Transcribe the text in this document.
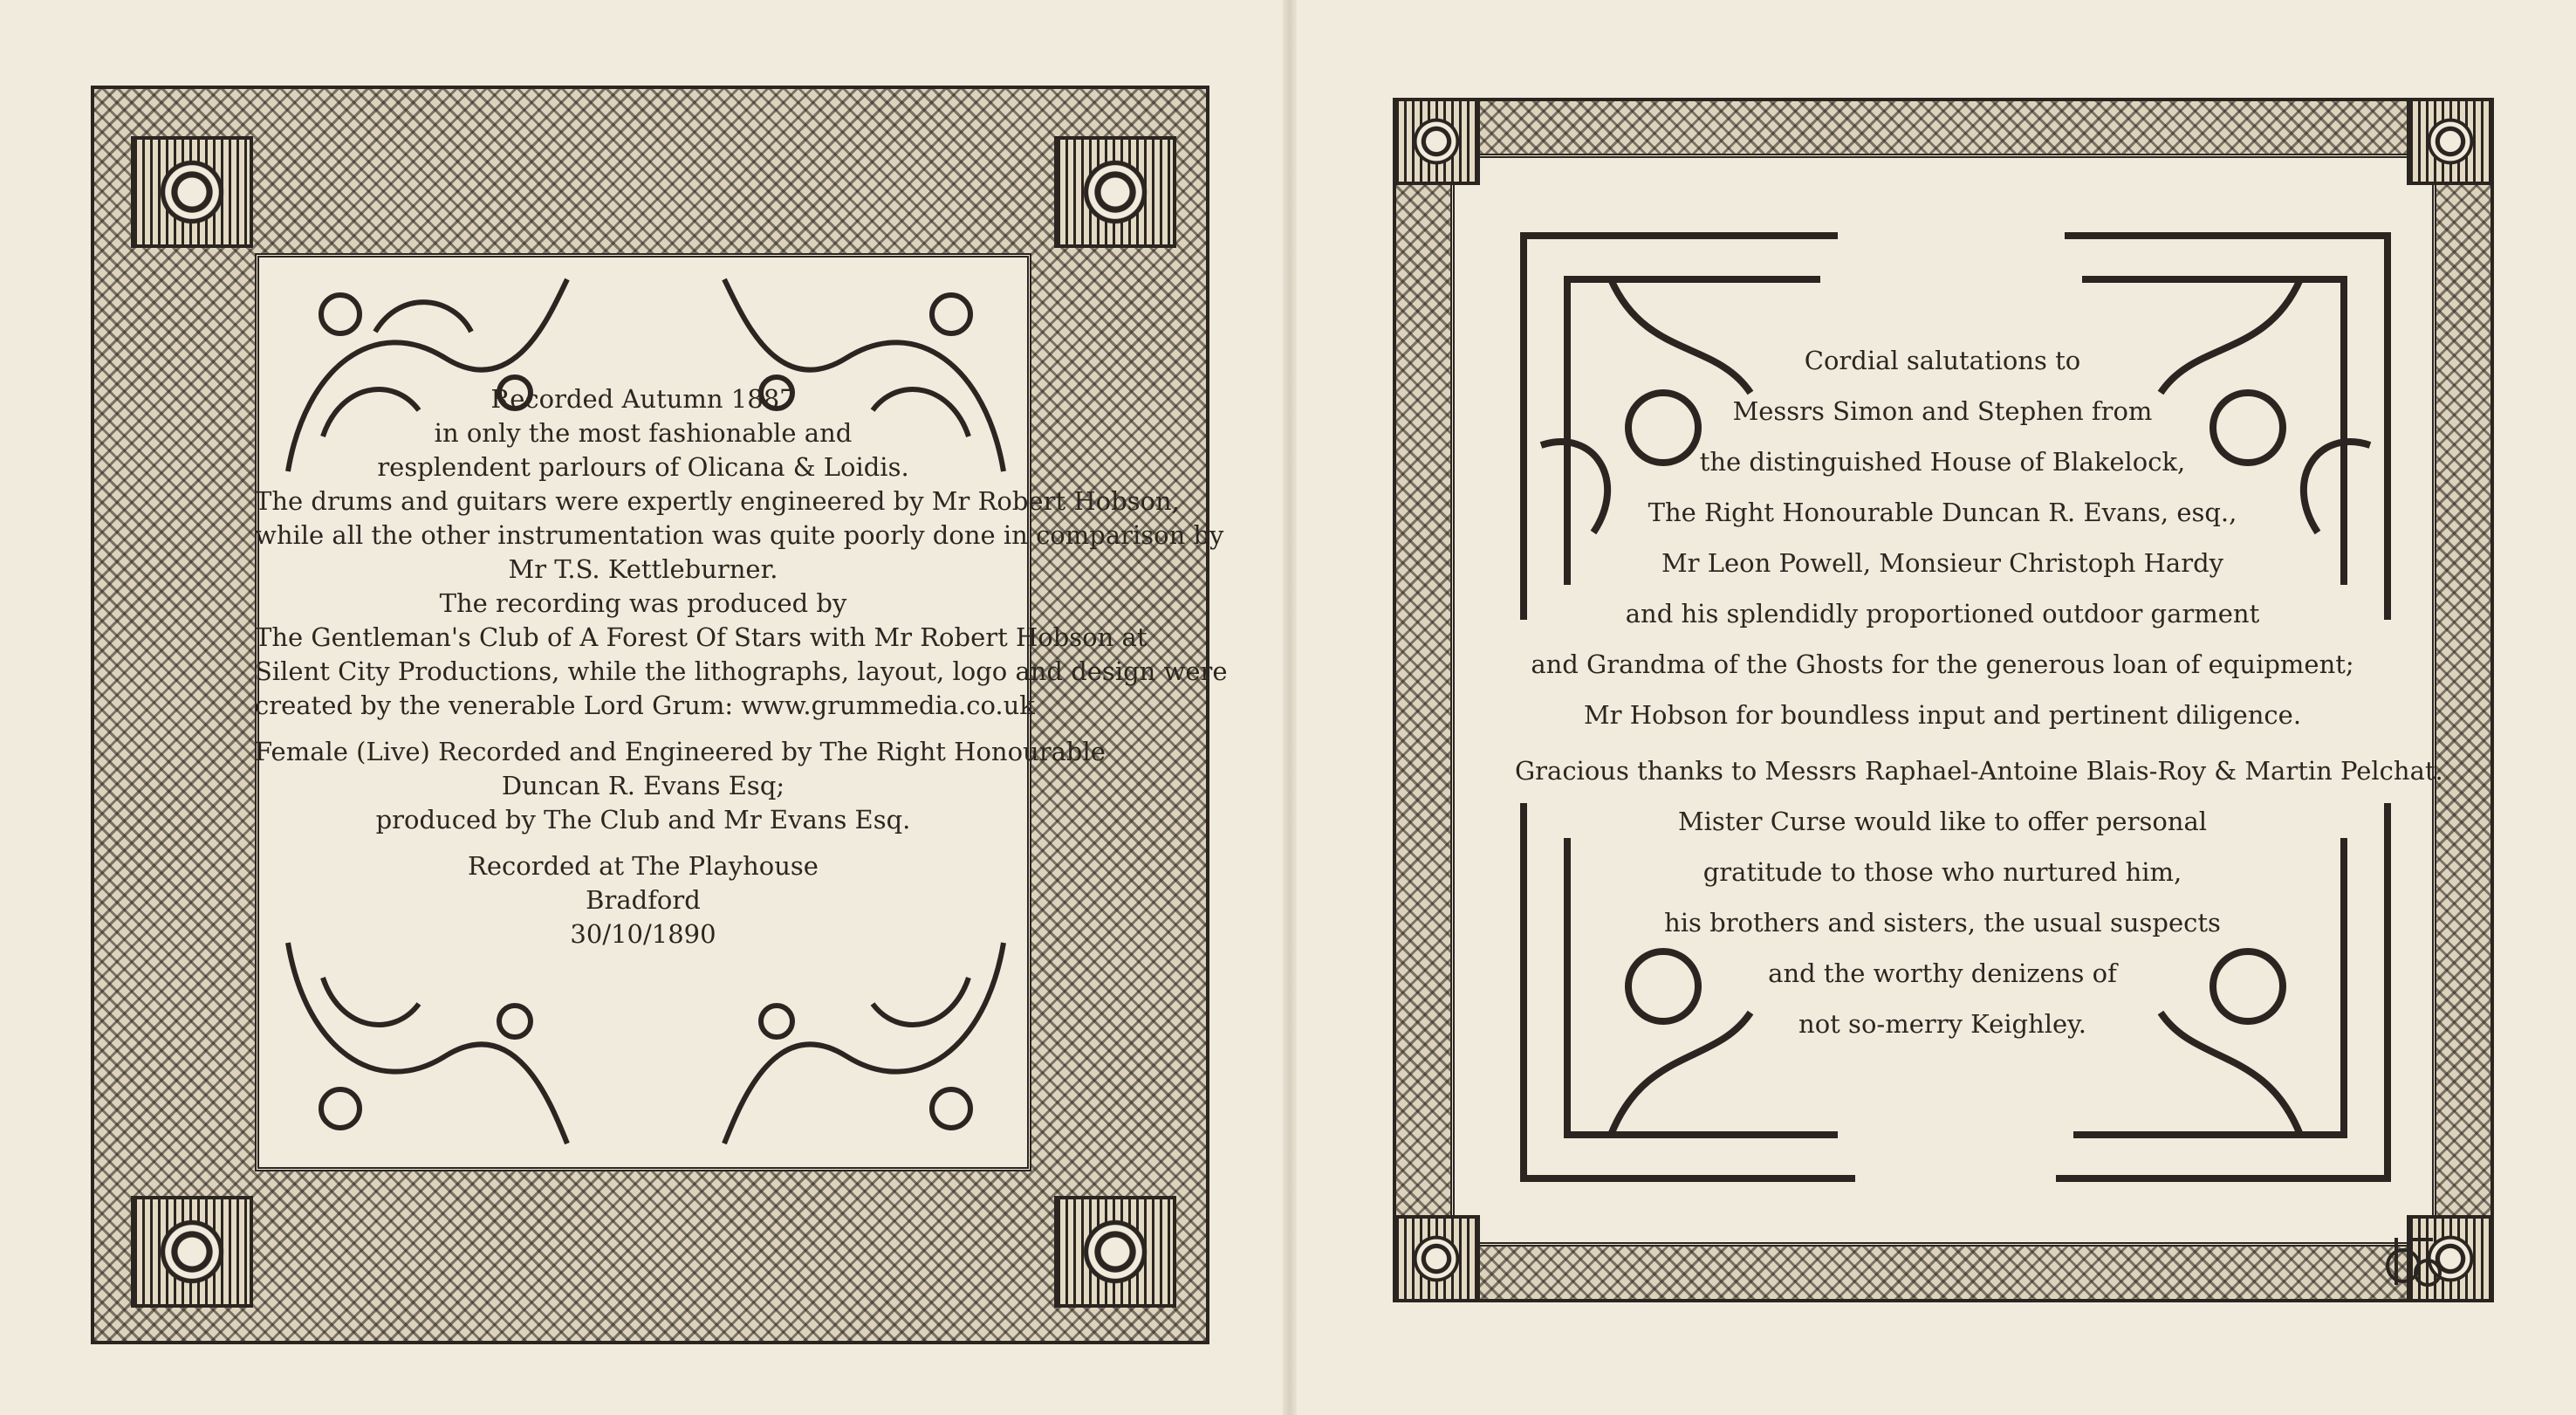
Recorded Autumn 1887
in only the most fashionable and
resplendent parlours of Olicana & Loidis.
The drums and guitars were expertly engineered by Mr Robert Hobson,
while all the other instrumentation was quite poorly done in comparison by
Mr T.S. Kettleburner.
The recording was produced by
The Gentleman's Club of A Forest Of Stars with Mr Robert Hobson at
Silent City Productions, while the lithographs, layout, logo and design were
created by the venerable Lord Grum: www.grummedia.co.uk
Female (Live) Recorded and Engineered by The Right Honourable
Duncan R. Evans Esq;
produced by The Club and Mr Evans Esq.
Recorded at The Playhouse
Bradford
30/10/1890
Cordial salutations to
Messrs Simon and Stephen from
the distinguished House of Blakelock,
The Right Honourable Duncan R. Evans, esq.,
Mr Leon Powell, Monsieur Christoph Hardy
and his splendidly proportioned outdoor garment
and Grandma of the Ghosts for the generous loan of equipment;
Mr Hobson for boundless input and pertinent diligence.
Gracious thanks to Messrs Raphael-Antoine Blais-Roy & Martin Pelchat.
Mister Curse would like to offer personal
gratitude to those who nurtured him,
his brothers and sisters, the usual suspects
and the worthy denizens of
not so-merry Keighley.
